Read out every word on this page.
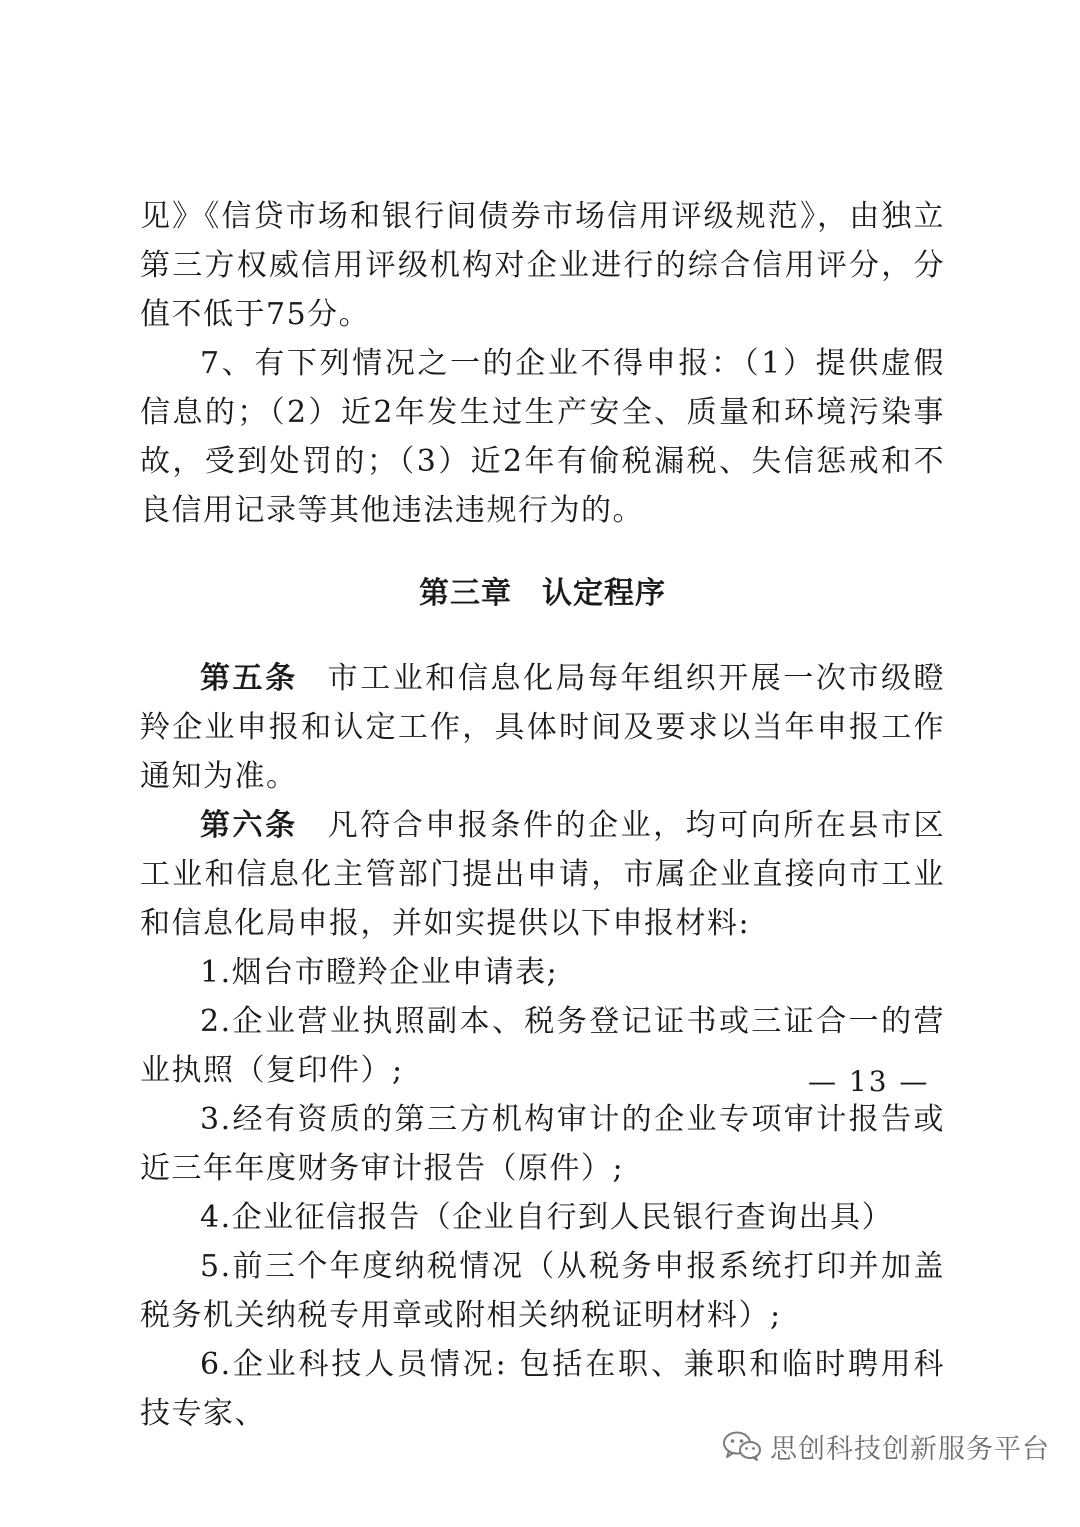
见》《信贷市场和银行间债券市场信用评级规范》，由独立第三方权威信用评级机构对企业进行的综合信用评分，分值不低于75分。

7、有下列情况之一的企业不得申报：（1）提供虚假信息的；（2）近2年发生过生产安全、质量和环境污染事故，受到处罚的；（3）近2年有偷税漏税、失信惩戒和不良信用记录等其他违法违规行为的。

第三章 认定程序

第五条 市工业和信息化局每年组织开展一次市级瞪羚企业申报和认定工作，具体时间及要求以当年申报工作通知为准。

第六条 凡符合申报条件的企业，均可向所在县市区工业和信息化主管部门提出申请，市属企业直接向市工业和信息化局申报，并如实提供以下申报材料:

1.烟台市瞪羚企业申请表;

2.企业营业执照副本、税务登记证书或三证合一的营业执照（复印件）;

3.经有资质的第三方机构审计的企业专项审计报告或近三年年度财务审计报告（原件）;

4.企业征信报告（企业自行到人民银行查询出具）

5.前三个年度纳税情况（从税务申报系统打印并加盖税务机关纳税专用章或附相关纳税证明材料）;

6.企业科技人员情况: 包括在职、兼职和临时聘用科技专家、

— 13 —
思创科技创新服务平台
